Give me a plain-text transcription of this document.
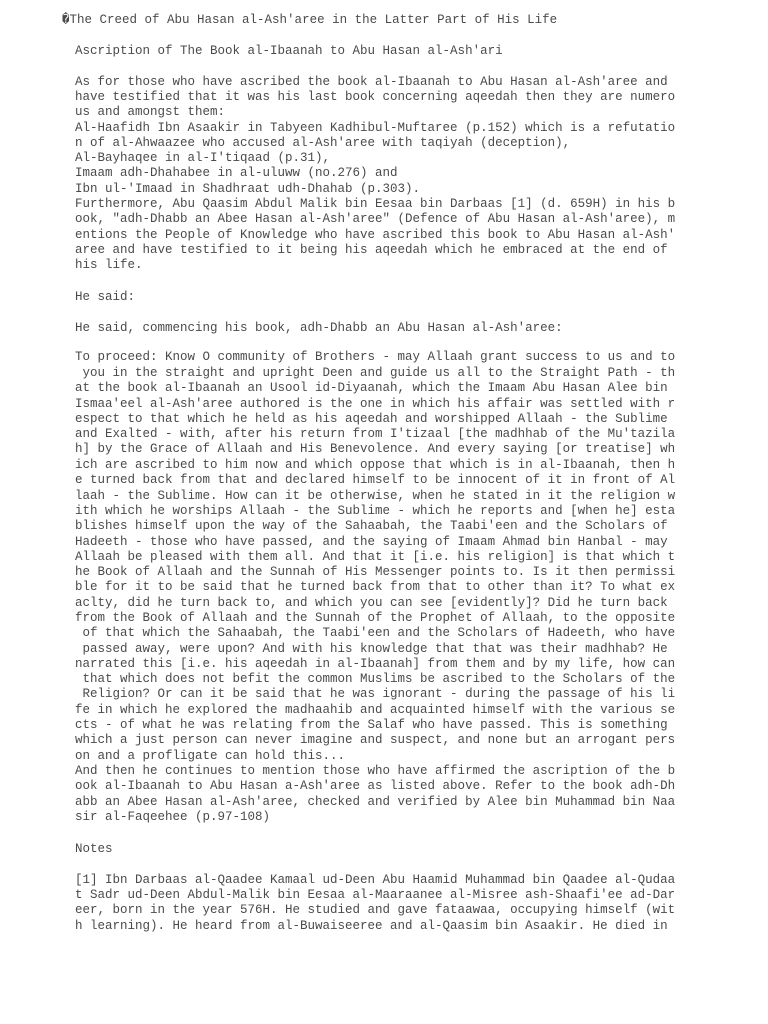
�The Creed of Abu Hasan al-Ash'aree in the Latter Part of His Life

Ascription of The Book al-Ibaanah to Abu Hasan al-Ash'ari

As for those who have ascribed the book al-Ibaanah to Abu Hasan al-Ash'aree and

have testified that it was his last book concerning aqeedah then they are numero

us and amongst them:

Al-Haafidh Ibn Asaakir in Tabyeen Kadhibul-Muftaree (p.152) which is a refutatio

n of al-Ahwaazee who accused al-Ash'aree with taqiyah (deception),

Al-Bayhaqee in al-I'tiqaad (p.31),

Imaam adh-Dhahabee in al-uluww (no.276) and

Ibn ul-'Imaad in Shadhraat udh-Dhahab (p.303).

Furthermore, Abu Qaasim Abdul Malik bin Eesaa bin Darbaas [1] (d. 659H) in his b

ook, "adh-Dhabb an Abee Hasan al-Ash'aree" (Defence of Abu Hasan al-Ash'aree), m

entions the People of Knowledge who have ascribed this book to Abu Hasan al-Ash'

aree and have testified to it being his aqeedah which he embraced at the end of

his life.

He said:

He said, commencing his book, adh-Dhabb an Abu Hasan al-Ash'aree:

To proceed: Know O community of Brothers - may Allaah grant success to us and to

you in the straight and upright Deen and guide us all to the Straight Path - th

at the book al-Ibaanah an Usool id-Diyaanah, which the Imaam Abu Hasan Alee bin

Ismaa'eel al-Ash'aree authored is the one in which his affair was settled with r

espect to that which he held as his aqeedah and worshipped Allaah - the Sublime

and Exalted - with, after his return from I'tizaal [the madhhab of the Mu'tazila

h] by the Grace of Allaah and His Benevolence. And every saying [or treatise] wh

ich are ascribed to him now and which oppose that which is in al-Ibaanah, then h

e turned back from that and declared himself to be innocent of it in front of Al

laah - the Sublime. How can it be otherwise, when he stated in it the religion w

ith which he worships Allaah - the Sublime - which he reports and [when he] esta

blishes himself upon the way of the Sahaabah, the Taabi'een and the Scholars of

Hadeeth - those who have passed, and the saying of Imaam Ahmad bin Hanbal - may

Allaah be pleased with them all. And that it [i.e. his religion] is that which t

he Book of Allaah and the Sunnah of His Messenger points to. Is it then permissi

ble for it to be said that he turned back from that to other than it? To what ex

aclty, did he turn back to, and which you can see [evidently]? Did he turn back

from the Book of Allaah and the Sunnah of the Prophet of Allaah, to the opposite

of that which the Sahaabah, the Taabi'een and the Scholars of Hadeeth, who have

passed away, were upon? And with his knowledge that that was their madhhab? He

narrated this [i.e. his aqeedah in al-Ibaanah] from them and by my life, how can

that which does not befit the common Muslims be ascribed to the Scholars of the

Religion? Or can it be said that he was ignorant - during the passage of his li

fe in which he explored the madhaahib and acquainted himself with the various se

cts - of what he was relating from the Salaf who have passed. This is something

which a just person can never imagine and suspect, and none but an arrogant pers

on and a profligate can hold this...

And then he continues to mention those who have affirmed the ascription of the b

ook al-Ibaanah to Abu Hasan a-Ash'aree as listed above. Refer to the book adh-Dh

abb an Abee Hasan al-Ash'aree, checked and verified by Alee bin Muhammad bin Naa

sir al-Faqeehee (p.97-108)

Notes

[1] Ibn Darbaas al-Qaadee Kamaal ud-Deen Abu Haamid Muhammad bin Qaadee al-Qudaa

t Sadr ud-Deen Abdul-Malik bin Eesaa al-Maaraanee al-Misree ash-Shaafi'ee ad-Dar

eer, born in the year 576H. He studied and gave fataawaa, occupying himself (wit

h learning). He heard from al-Buwaiseeree and al-Qaasim bin Asaakir. He died in
